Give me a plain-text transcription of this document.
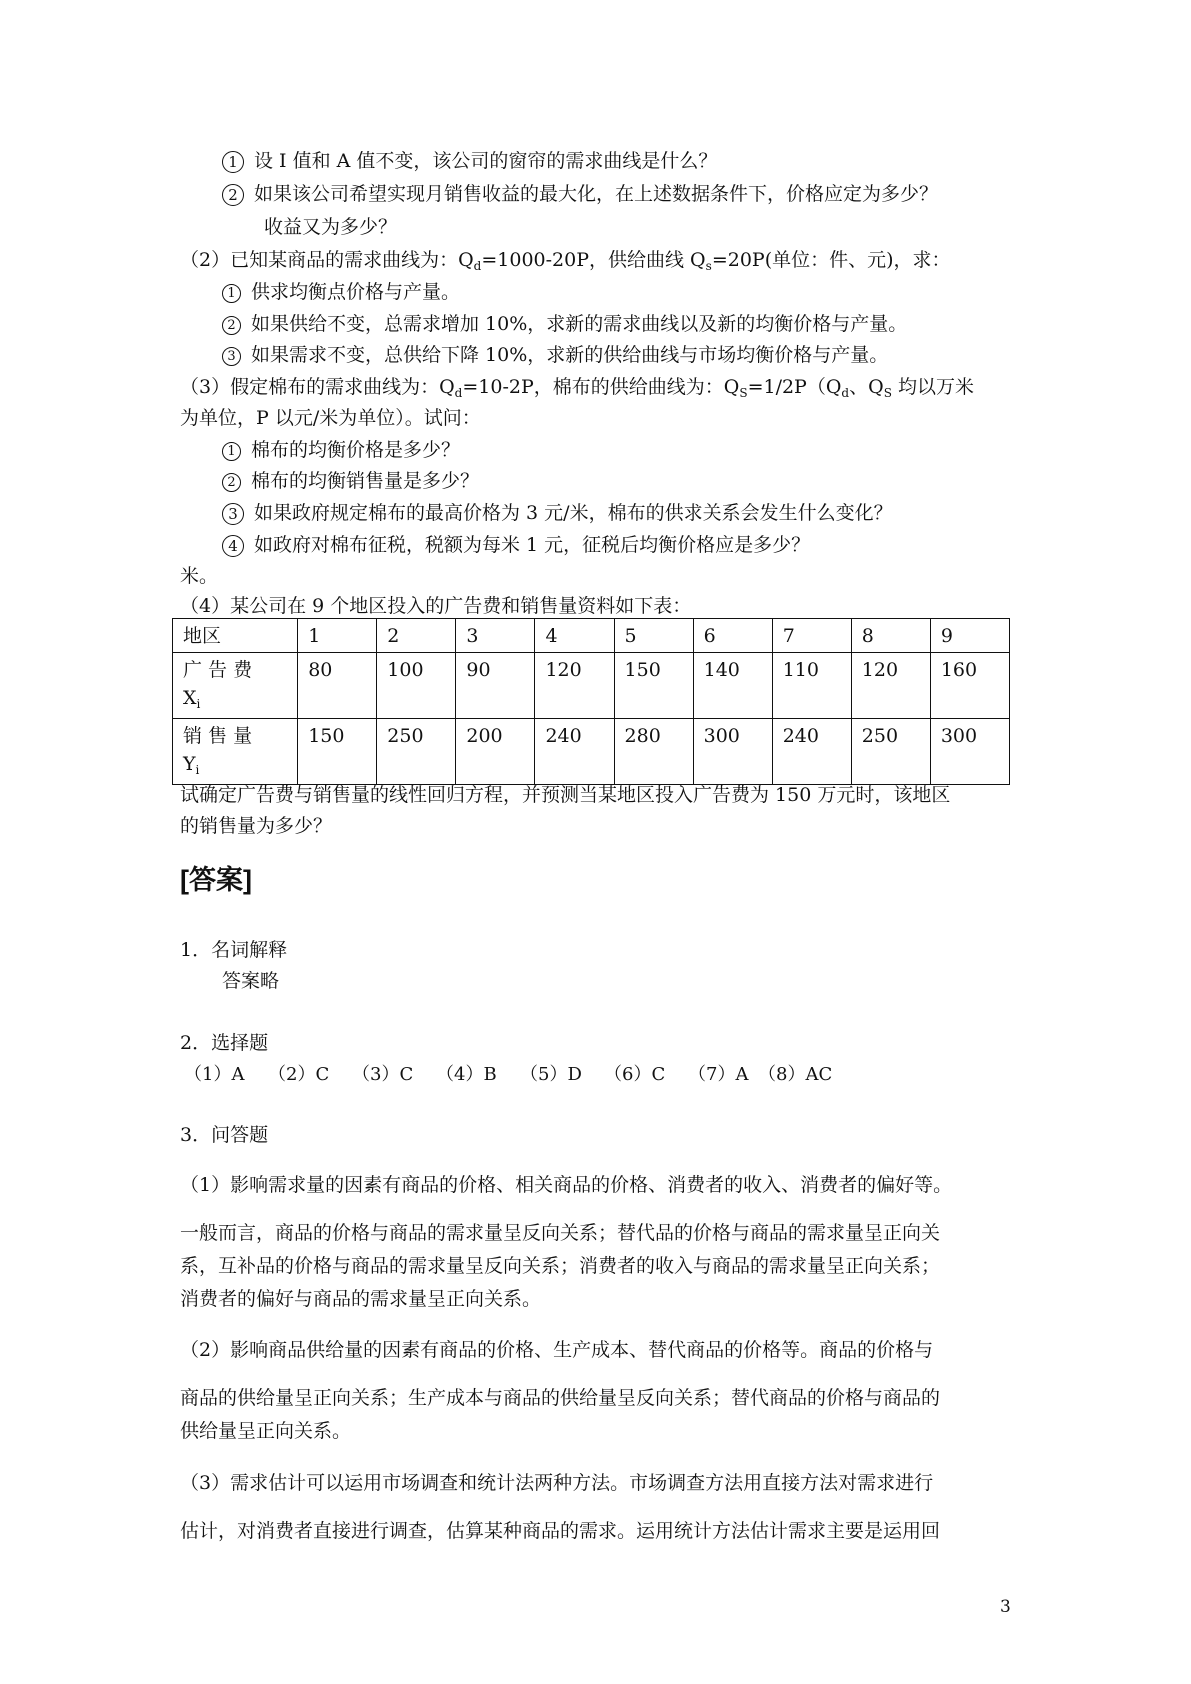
1 设 I 值和 A 值不变，该公司的窗帘的需求曲线是什么？
2 如果该公司希望实现月销售收益的最大化，在上述数据条件下，价格应定为多少？
收益又为多少？
（2）已知某商品的需求曲线为：$Q_d=1000-20P$，供给曲线 $Q_s=20P$(单位：件、元)，求：
1 供求均衡点价格与产量。
2 如果供给不变，总需求增加 10%，求新的需求曲线以及新的均衡价格与产量。
3 如果需求不变，总供给下降 10%，求新的供给曲线与市场均衡价格与产量。
（3）假定棉布的需求曲线为：$Q_d=10-2P$，棉布的供给曲线为：$Q_S=1/2P(Q_d$、$Q_S$ 均以万米
为单位，P 以元/米为单位）。试问：
1 棉布的均衡价格是多少？
2 棉布的均衡销售量是多少？
3 如果政府规定棉布的最高价格为 3 元/米，棉布的供求关系会发生什么变化？
4 如政府对棉布征税，税额为每米 1 元，征税后均衡价格应是多少？
米。
（4）某公司在 9 个地区投入的广告费和销售量资料如下表：
地区	1	2	3	4	5	6	7	8	9

广 告 费
$X_i$	80	100	90	120	150	140	110	120	160

销 售 量
$Y_i$	150	250	200	240	280	300	240	250	300
试确定广告费与销售量的线性回归方程，并预测当某地区投入广告费为 150 万元时，该地区
的销售量为多少？
[答案]
1．名词解释
答案略
2．选择题
（1）A （2）C （3）C （4）B （5）D （6）C （7）A （8）AC
3．问答题
（1）影响需求量的因素有商品的价格、相关商品的价格、消费者的收入、消费者的偏好等。
一般而言，商品的价格与商品的需求量呈反向关系；替代品的价格与商品的需求量呈正向关
系，互补品的价格与商品的需求量呈反向关系；消费者的收入与商品的需求量呈正向关系；
消费者的偏好与商品的需求量呈正向关系。
（2）影响商品供给量的因素有商品的价格、生产成本、替代商品的价格等。商品的价格与
商品的供给量呈正向关系；生产成本与商品的供给量呈反向关系；替代商品的价格与商品的
供给量呈正向关系。
（3）需求估计可以运用市场调查和统计法两种方法。市场调查方法用直接方法对需求进行
估计，对消费者直接进行调查，估算某种商品的需求。运用统计方法估计需求主要是运用回
3
